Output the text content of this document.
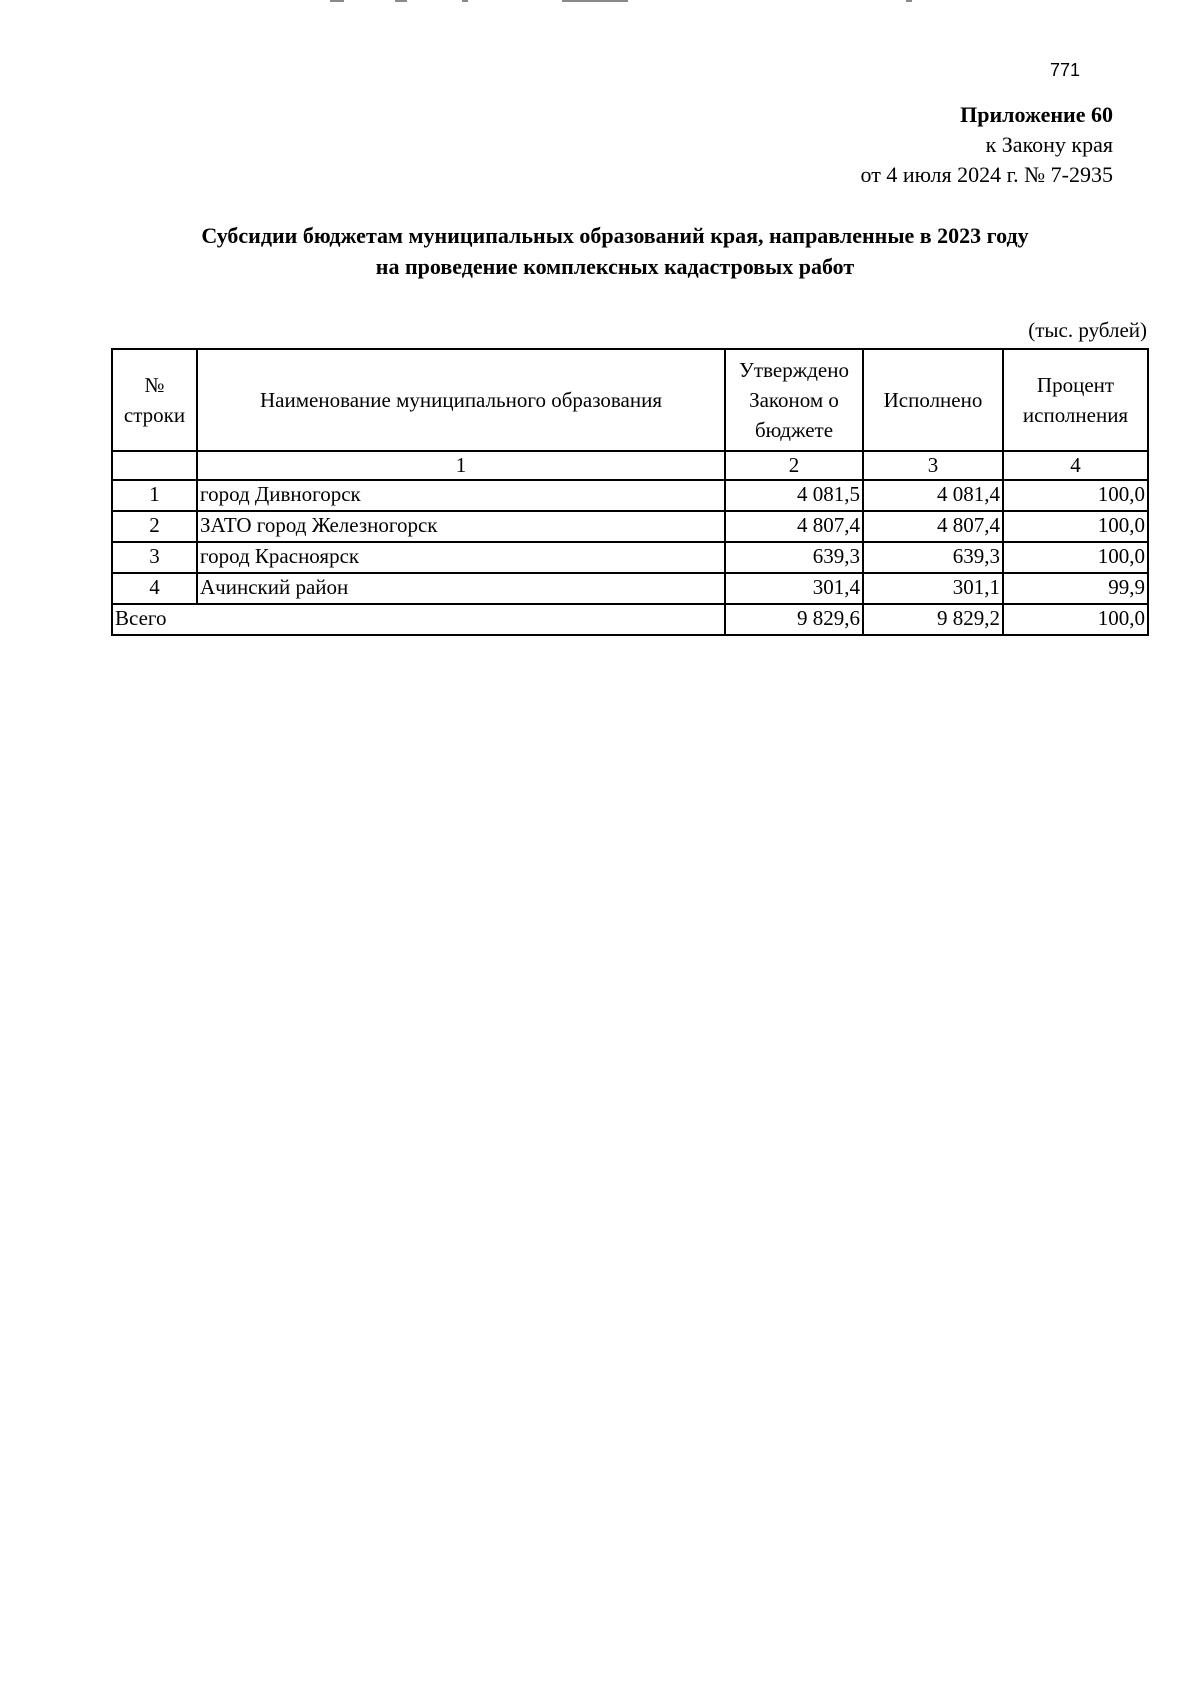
771
Приложение 60
к Закону края
от 4 июля 2024 г. № 7-2935
Субсидии бюджетам муниципальных образований края, направленные в 2023 году
на проведение комплексных кадастровых работ
(тыс. рублей)
№ строки	Наименование муниципального образования	Утверждено Законом о бюджете	Исполнено	Процент исполнения
	1	2	3	4
1	город Дивногорск	4 081,5	4 081,4	100,0
2	ЗАТО город Железногорск	4 807,4	4 807,4	100,0
3	город Красноярск	639,3	639,3	100,0
4	Ачинский район	301,4	301,1	99,9
Всего		9 829,6	9 829,2	100,0
